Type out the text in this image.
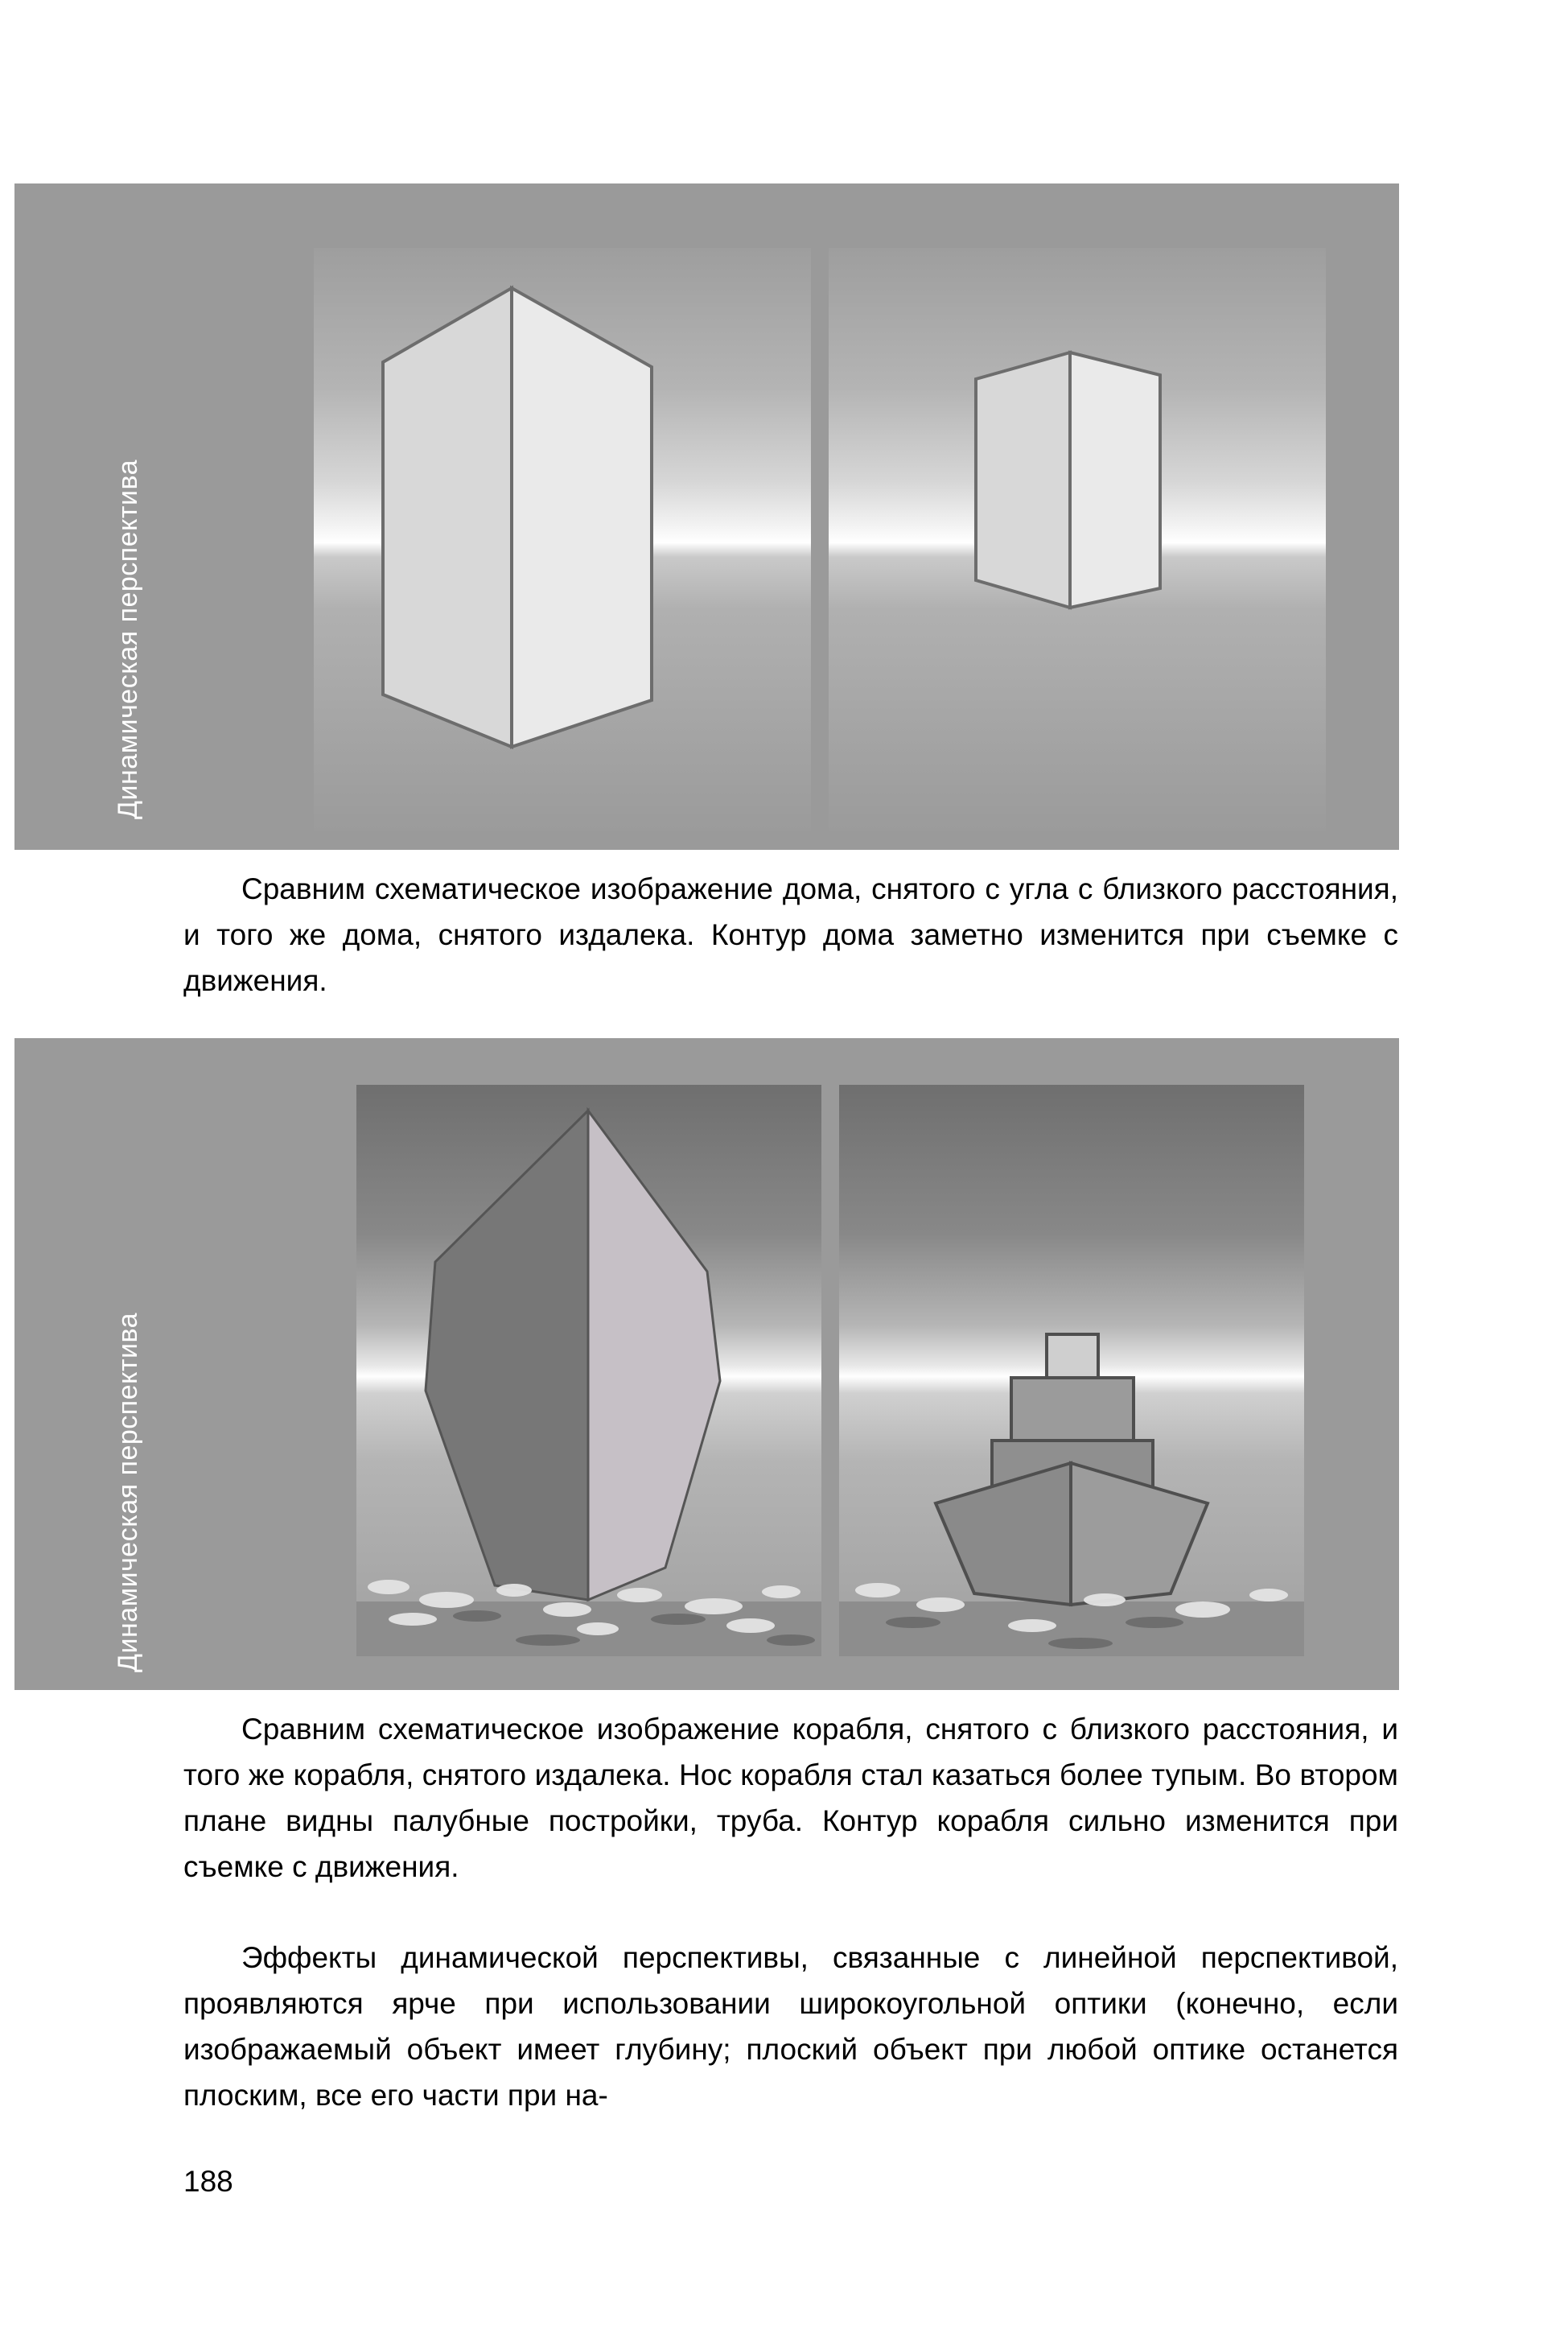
Динамическая перспектива

Сравним схематическое изображение дома, снятого с угла с близкого расстояния, и того же дома, снятого издалека. Контур дома заметно изменится при съемке с движения.

Динамическая перспектива

Сравним схематическое изображение корабля, снятого с близкого расстояния, и того же корабля, снятого издалека. Нос корабля стал казаться более тупым. Во втором плане видны палубные постройки, труба. Контур корабля сильно изменится при съемке с движения.

Эффекты динамической перспективы, связанные с линейной перспективой, проявляются ярче при использовании широкоугольной оптики (конечно, если изображаемый объект имеет глубину; плоский объект при любой оптике останется плоским, все его части при на-

188
